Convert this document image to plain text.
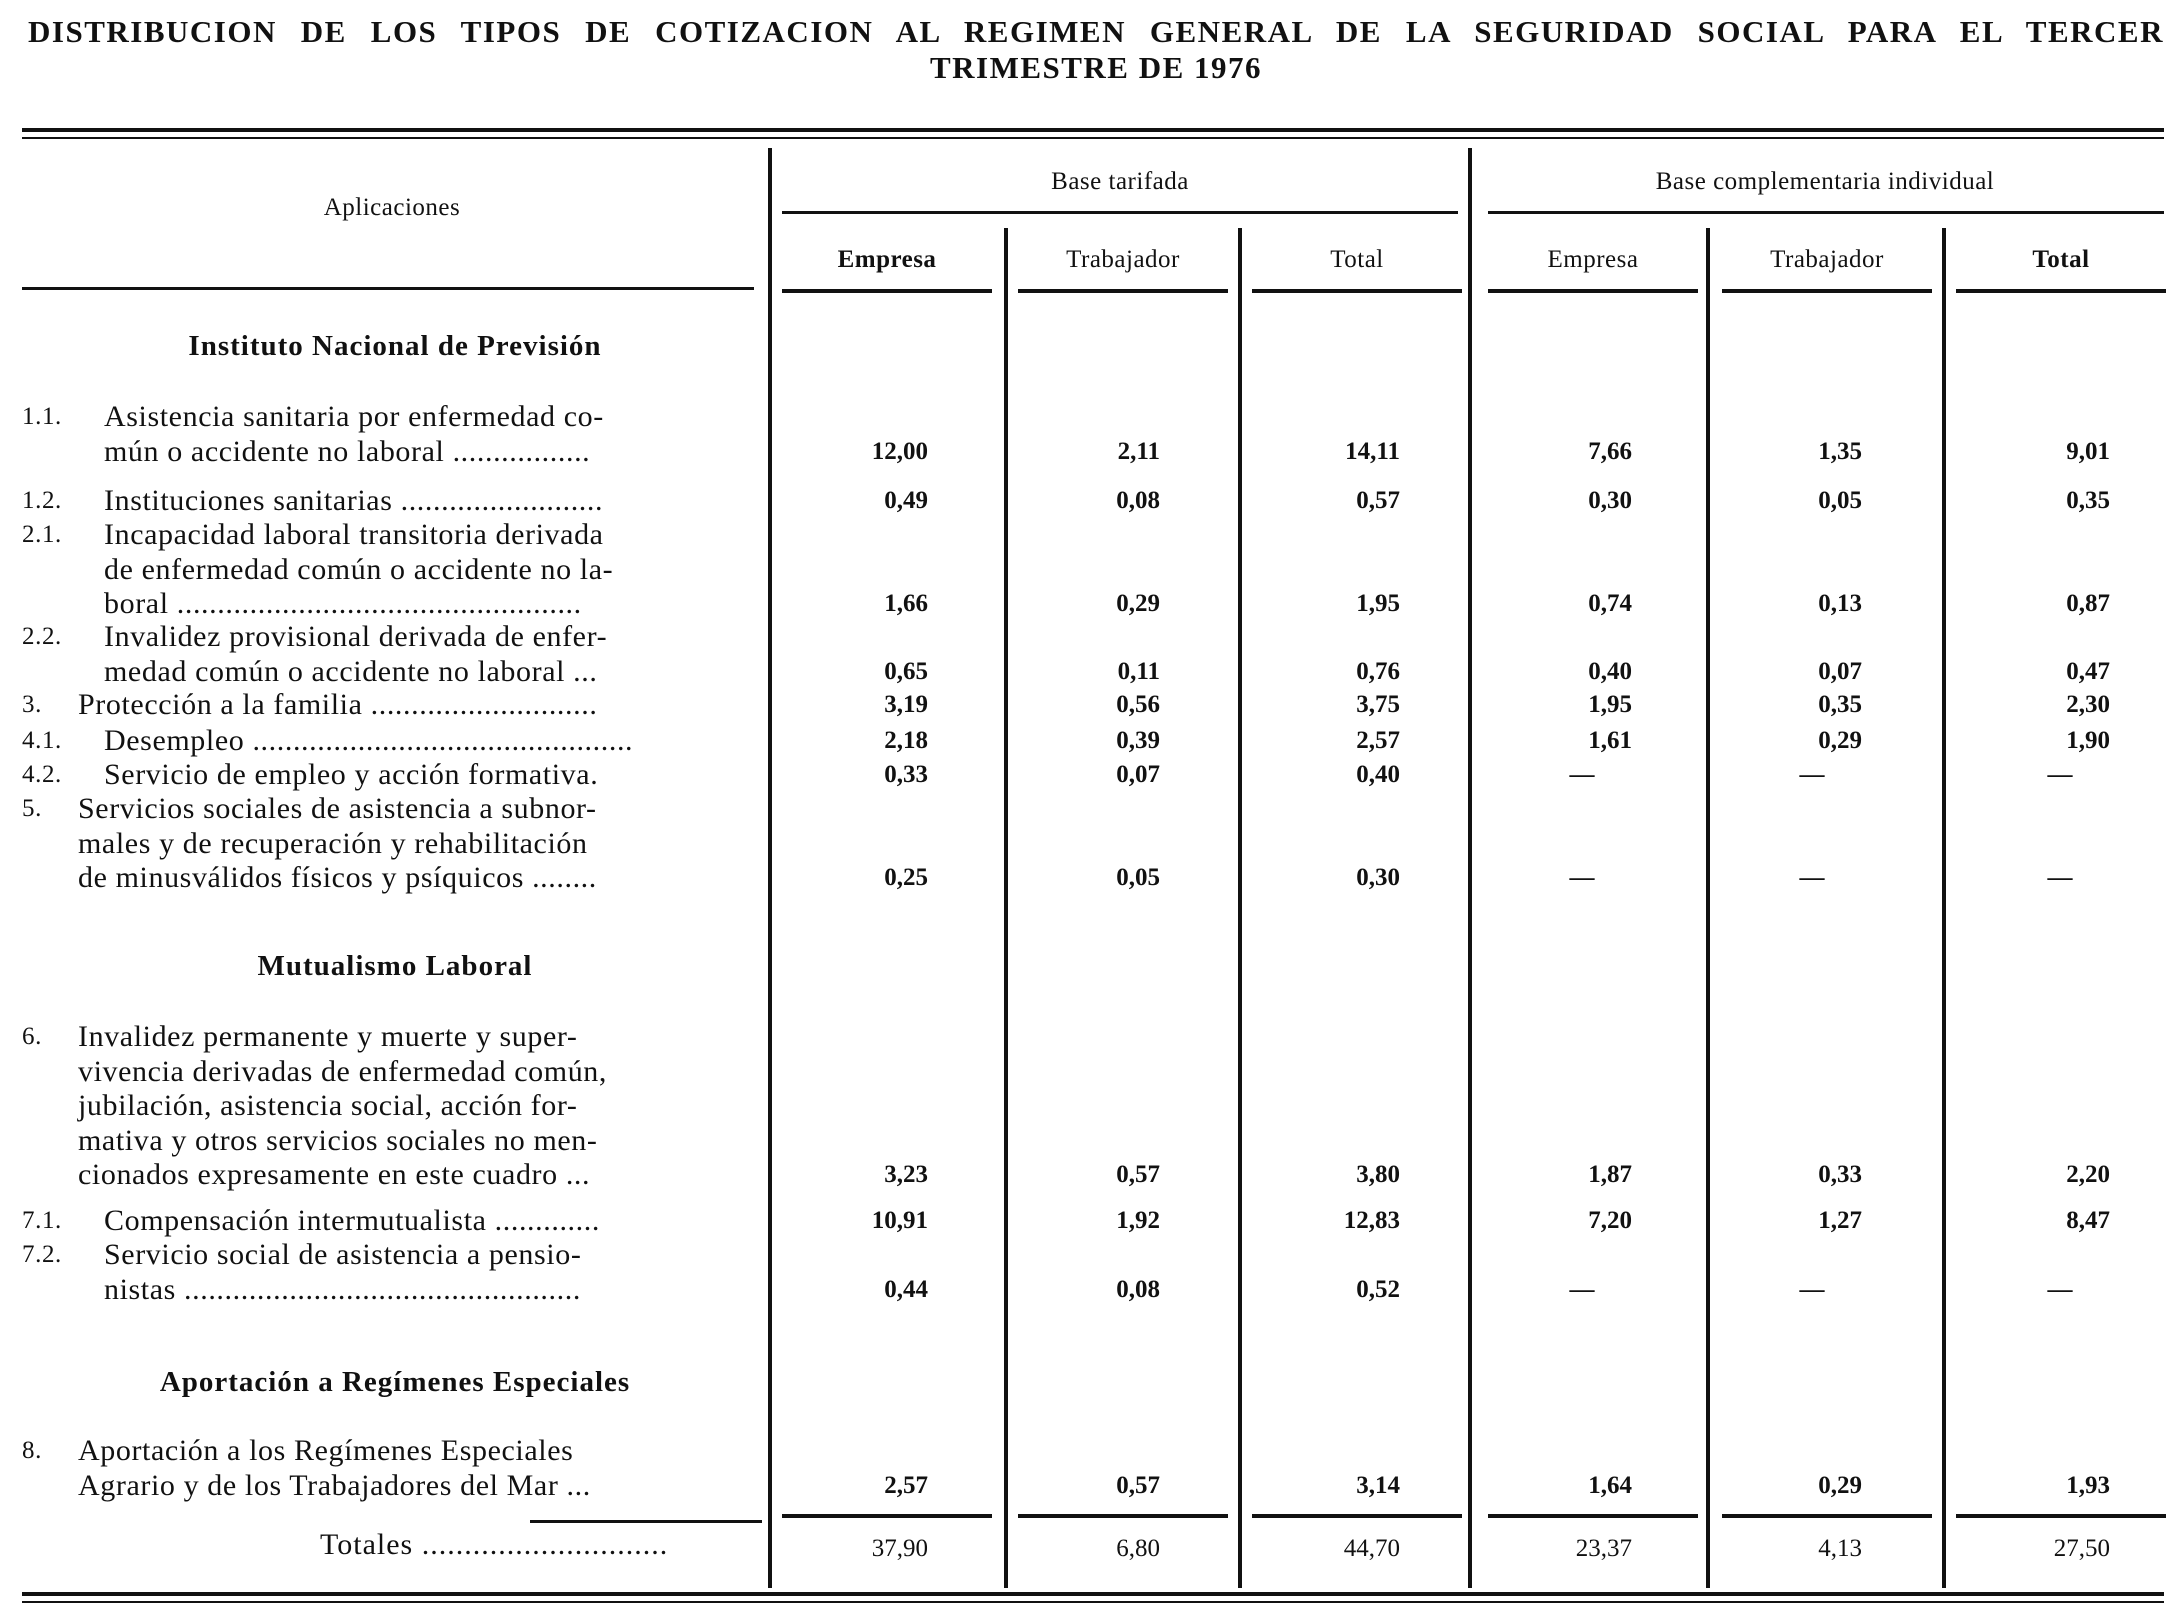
DISTRIBUCION DE LOS TIPOS DE COTIZACION AL REGIMEN GENERAL DE LA SEGURIDAD SOCIAL PARA EL TERCER
TRIMESTRE DE 1976
Aplicaciones
Base tarifada	Base complementaria individual
Empresa	Trabajador	Total	Empresa	Trabajador	Total
Instituto Nacional de Previsión
Mutualismo Laboral
Aportación a Regímenes Especiales
1.1. Asistencia sanitaria por enfermedad co-
mún o accidente no laboral .................	12,00	2,11	14,11	7,66	1,35	9,01
1.2. Instituciones sanitarias .........................	0,49	0,08	0,57	0,30	0,05	0,35
2.1. Incapacidad laboral transitoria derivada
de enfermedad común o accidente no la-
boral ..................................................	1,66	0,29	1,95	0,74	0,13	0,87
2.2. Invalidez provisional derivada de enfer-
medad común o accidente no laboral ...	0,65	0,11	0,76	0,40	0,07	0,47
3. Protección a la familia ............................	3,19	0,56	3,75	1,95	0,35	2,30
4.1. Desempleo ...............................................	2,18	0,39	2,57	1,61	0,29	1,90
4.2. Servicio de empleo y acción formativa.	0,33	0,07	0,40	—	—	—
5. Servicios sociales de asistencia a subnor-
males y de recuperación y rehabilitación
de minusválidos físicos y psíquicos ........	0,25	0,05	0,30	—	—	—
6. Invalidez permanente y muerte y super-
vivencia derivadas de enfermedad común,
jubilación, asistencia social, acción for-
mativa y otros servicios sociales no men-
cionados expresamente en este cuadro ...	3,23	0,57	3,80	1,87	0,33	2,20
7.1. Compensación intermutualista .............	10,91	1,92	12,83	7,20	1,27	8,47
7.2. Servicio social de asistencia a pensio-
nistas .................................................	0,44	0,08	0,52	—	—	—
8. Aportación a los Regímenes Especiales
Agrario y de los Trabajadores del Mar ...	2,57	0,57	3,14	1,64	0,29	1,93
Totales .............................	37,90	6,80	44,70	23,37	4,13	27,50
